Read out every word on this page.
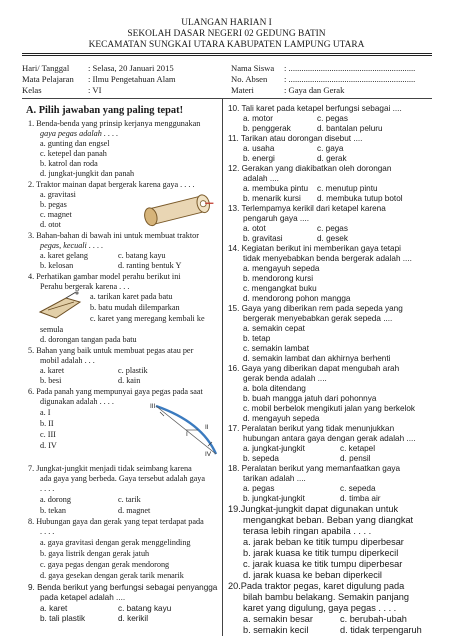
ULANGAN HARIAN I
SEKOLAH DASAR NEGERI 02 GEDUNG BATIN
KECAMATAN SUNGKAI UTARA KABUPATEN LAMPUNG UTARA
Hari/ Tanggal : Selasa, 20 Januari 2015
Mata Pelajaran : Ilmu Pengetahuan Alam
Kelas	: VI
Nama Siswa : ...........................................................
No. Absen : ...........................................................
Materi	: Gaya dan Gerak
A. Pilih jawaban yang paling tepat!
1. Benda-benda yang prinsip kerjanya menggunakan
gaya pegas adalah . . . .
a. gunting dan engsel
c. ketepel dan panah
b. katrol dan roda
d. jungkat-jungkit dan panah
2. Traktor mainan dapat bergerak karena gaya . . . .
a. gravitasi
b. pegas
c. magnet
d. otot
3. Bahan-bahan di bawah ini untuk membuat traktor
pegas, kecuali . . . .
a. karet gelang	c. batang kayu
b. kelosan	d. ranting bentuk Y
4. Perhatikan gambar model perahu berikut ini
Perahu bergerak karena . . .
a. tarikan karet pada batu
b. batu mudah dilemparkan
c. karet yang meregang kembali ke
semula
d. dorongan tangan pada batu
5. Bahan yang baik untuk membuat pegas atau per
mobil adalah . . .
a. karet	c. plastik
b. besi	d. kain
6. Pada panah yang mempunyai gaya pegas pada saat
digunakan adalah . . . .
a. I
b. II
c. III
d. IV
III
II
I
IV
7. Jungkat-jungkit menjadi tidak seimbang karena
ada gaya yang berbeda. Gaya tersebut adalah gaya
. . . .
a. dorong	c. tarik
b. tekan	d. magnet
8. Hubungan gaya dan gerak yang tepat terdapat pada
. . . .
a. gaya gravitasi dengan gerak menggelinding
b. gaya listrik dengan gerak jatuh
c. gaya pegas dengan gerak mendorong
d. gaya gesekan dengan gerak tarik menarik
9. Benda berikut yang berfungsi sebagai penyangga
pada ketapel adalah ....
a. karet	c. batang kayu
b. tali plastik	d. kerikil
10. Tali karet pada ketapel berfungsi sebagai ....
a. motor	c. pegas
b. penggerak	d. bantalan peluru
11. Tarikan atau dorongan disebut ....
a. usaha	c. gaya
b. energi	d. gerak
12. Gerakan yang diakibatkan oleh dorongan
adalah ....
a. membuka pintu c. menutup pintu
b. menarik kursi d. membuka tutup botol
13. Terlempamya kerikil dari ketapel karena
pengaruh gaya ....
a. otot	c. pegas
b. gravitasi	d. gesek
14. Kegiatan berikut ini memberikan gaya tetapi
tidak menyebabkan benda bergerak adalah ....
a. mengayuh sepeda
b. mendorong kursi
c. mengangkat buku
d. mendorong pohon mangga
15. Gaya yang diberikan rem pada sepeda yang
bergerak menyebabkan gerak sepeda ....
a. semakin cepat
b. tetap
c. semakin lambat
d. semakin lambat dan akhirnya berhenti
16. Gaya yang diberikan dapat mengubah arah
gerak benda adalah ....
a. bola ditendang
b. buah mangga jatuh dari pohonnya
c. mobil berbelok mengikuti jalan yang berkelok
d. mengayuh sepeda
17. Peralatan berikut yang tidak menunjukkan
hubungan antara gaya dengan gerak adalah ....
a. jungkat-jungkit	c. ketapel
b. sepeda	d. pensil
18. Peralatan berikut yang memanfaatkan gaya
tarikan adalah ....
a. pegas	c. sepeda
b. jungkat-jungkit	d. timba air
19.Jungkat-jungkit dapat digunakan untuk
mengangkat beban. Beban yang diangkat
terasa lebih ringan apabila . . . .
a. jarak beban ke titik tumpu diperbesar
b. jarak kuasa ke titik tumpu diperkecil
c. jarak kuasa ke titik tumpu diperbesar
d. jarak kuasa ke beban diperkecil
20.Pada traktor pegas, karet digulung pada
bilah bambu belakang. Semakin panjang
karet yang digulung, gaya pegas . . . .
a. semakin besar	c. berubah-ubah
b. semakin kecil	d. tidak terpengaruh
